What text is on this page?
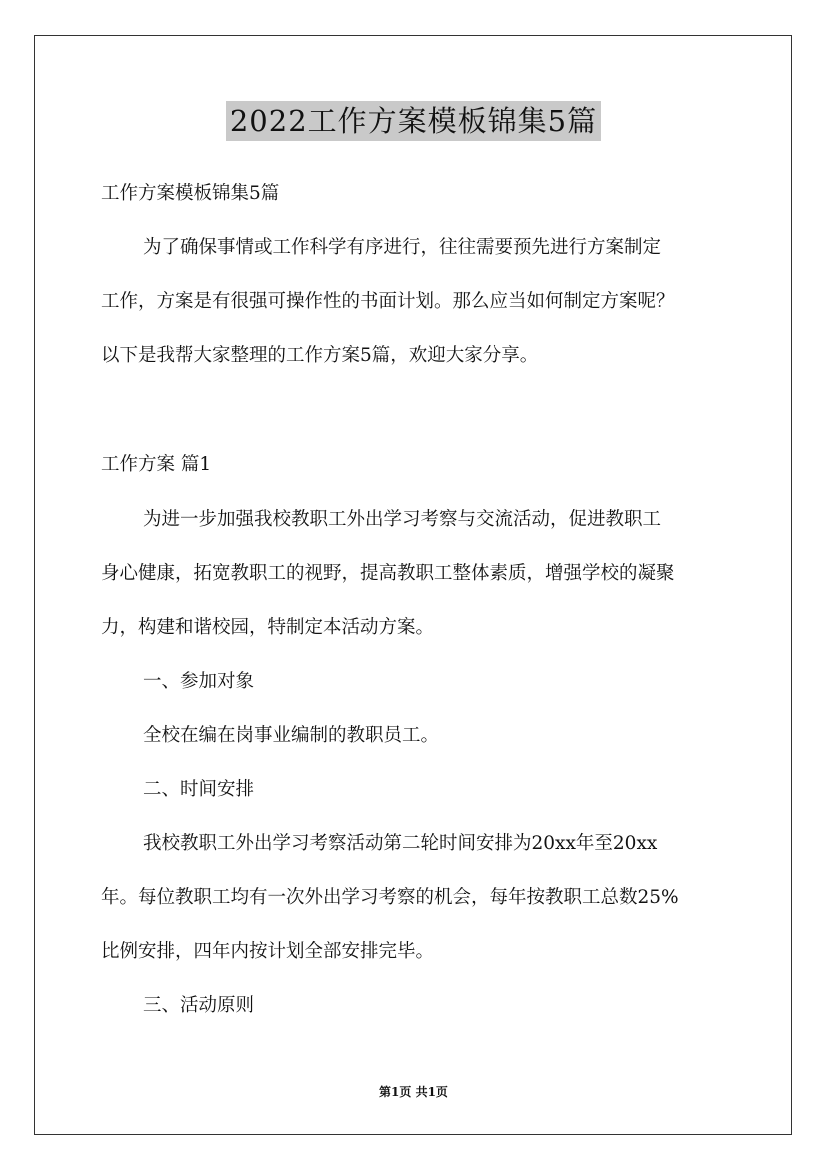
2022工作方案模板锦集5篇

工作方案模板锦集5篇

为了确保事情或工作科学有序进行，往往需要预先进行方案制定

工作，方案是有很强可操作性的书面计划。那么应当如何制定方案呢？

以下是我帮大家整理的工作方案5篇，欢迎大家分享。

工作方案 篇1

为进一步加强我校教职工外出学习考察与交流活动，促进教职工

身心健康，拓宽教职工的视野，提高教职工整体素质，增强学校的凝聚

力，构建和谐校园，特制定本活动方案。

一、参加对象

全校在编在岗事业编制的教职员工。

二、时间安排

我校教职工外出学习考察活动第二轮时间安排为20xx年至20xx

年。每位教职工均有一次外出学习考察的机会，每年按教职工总数25%

比例安排，四年内按计划全部安排完毕。

三、活动原则

第1页 共1页
